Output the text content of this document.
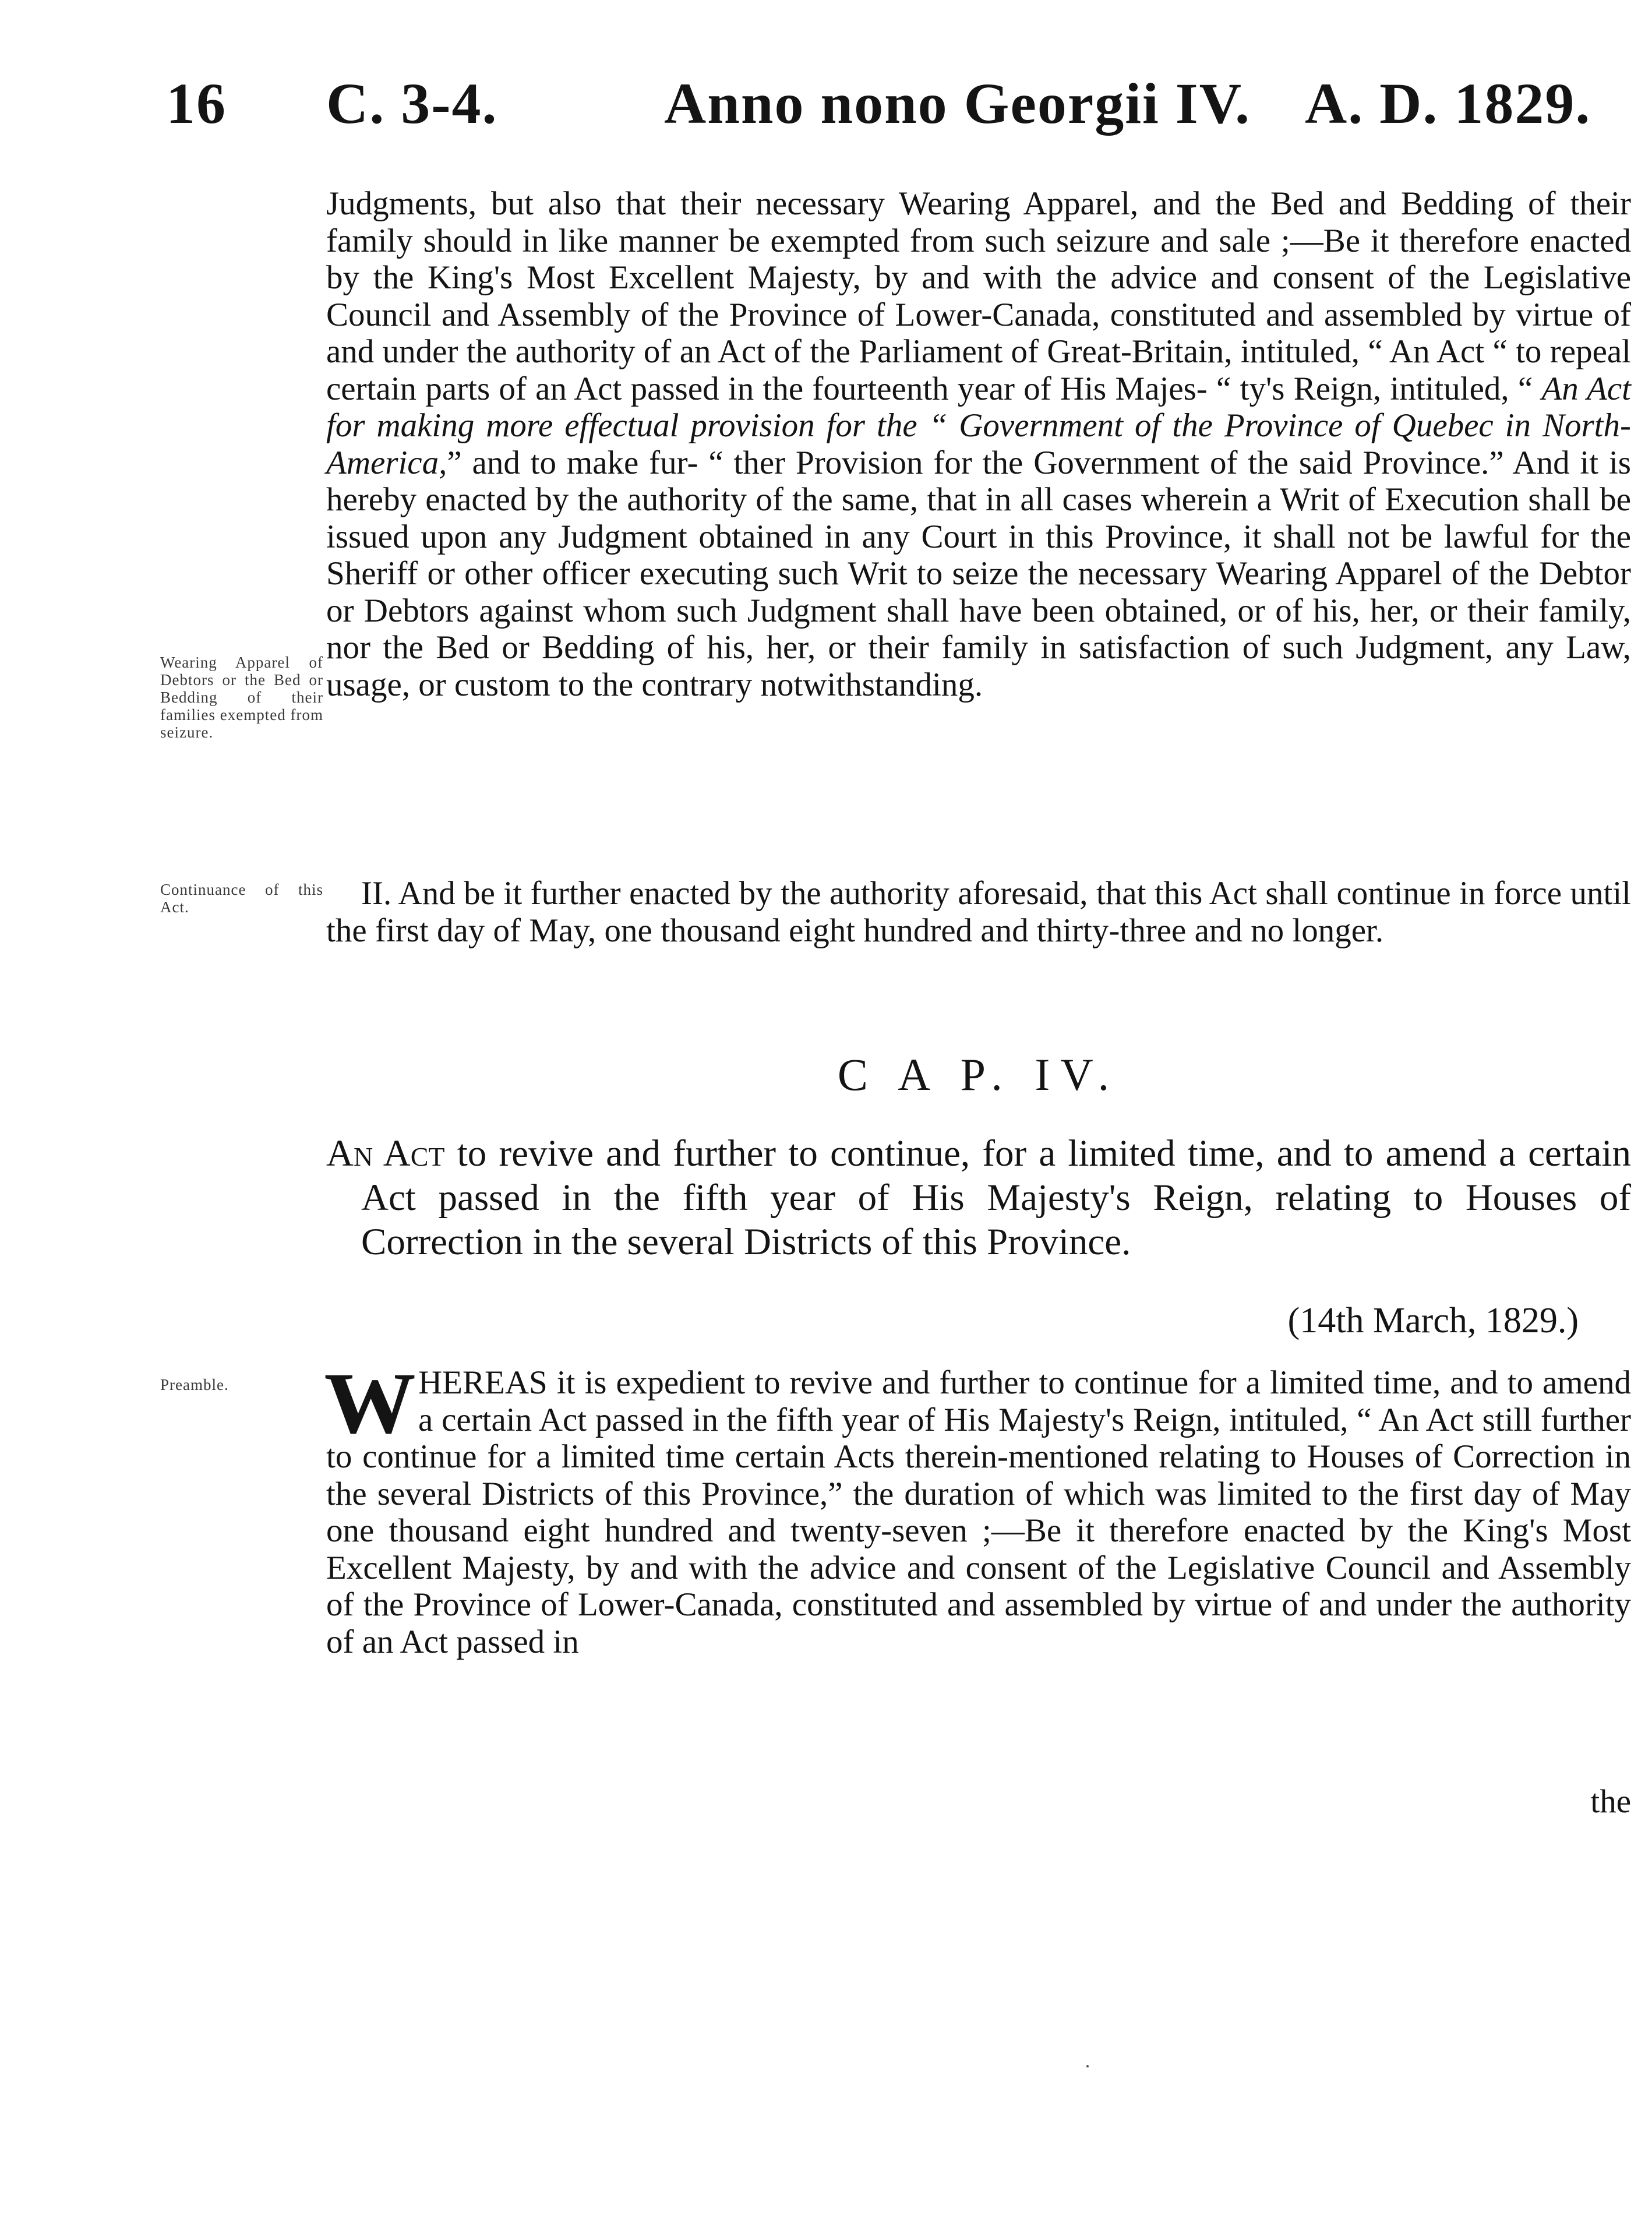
16 C. 3-4.	Anno nono Georgii IV. A. D. 1829.

Judgments, but also that their necessary Wearing Apparel, and the Bed and Bedding of their family should in like manner be exempted from such seizure and sale ;—Be it therefore enacted by the King's Most Excellent Majesty, by and with the advice and consent of the Legislative Council and Assembly of the Province of Lower-Canada, constituted and assembled by virtue of and under the authority of an Act of the Parliament of Great-Britain, intituled, “ An Act “ to repeal certain parts of an Act passed in the fourteenth year of His Majes- “ ty's Reign, intituled, “ An Act for making more effectual provision for the “ Government of the Province of Quebec in North-America,” and to make fur- “ ther Provision for the Government of the said Province.” And it is hereby enacted by the authority of the same, that in all cases wherein a Writ of Execution shall be issued upon any Judgment obtained in any Court in this Province, it shall not be lawful for the Sheriff or other officer executing such Writ to seize the necessary Wearing Apparel of the Debtor or Debtors against whom such Judgment shall have been obtained, or of his, her, or their family, nor the Bed or Bedding of his, her, or their family in satisfaction of such Judgment, any Law, usage, or custom to the contrary notwithstanding.

Wearing Apparel of Debtors or the Bed or Bedding of their families exempted from seizure.

II. And be it further enacted by the authority aforesaid, that this Act shall continue in force until the first day of May, one thousand eight hundred and thirty-three and no longer.

Continuance of this Act.
C A P. IV.
An Act to revive and further to continue, for a limited time, and to amend a certain Act passed in the fifth year of His Majesty's Reign, relating to Houses of Correction in the several Districts of this Province.
(14th March, 1829.)
Preamble.	WHEREAS it is expedient to revive and further to continue for a limited time, and to amend a certain Act passed in the fifth year of His Majesty's Reign, intituled, “ An Act still further to continue for a limited time certain Acts therein-mentioned relating to Houses of Correction in the several Districts of this Province,” the duration of which was limited to the first day of May one thousand eight hundred and twenty-seven ;—Be it therefore enacted by the King's Most Excellent Majesty, by and with the advice and consent of the Legislative Council and Assembly of the Province of Lower-Canada, constituted and assembled by virtue of and under the authority of an Act passed in

the
